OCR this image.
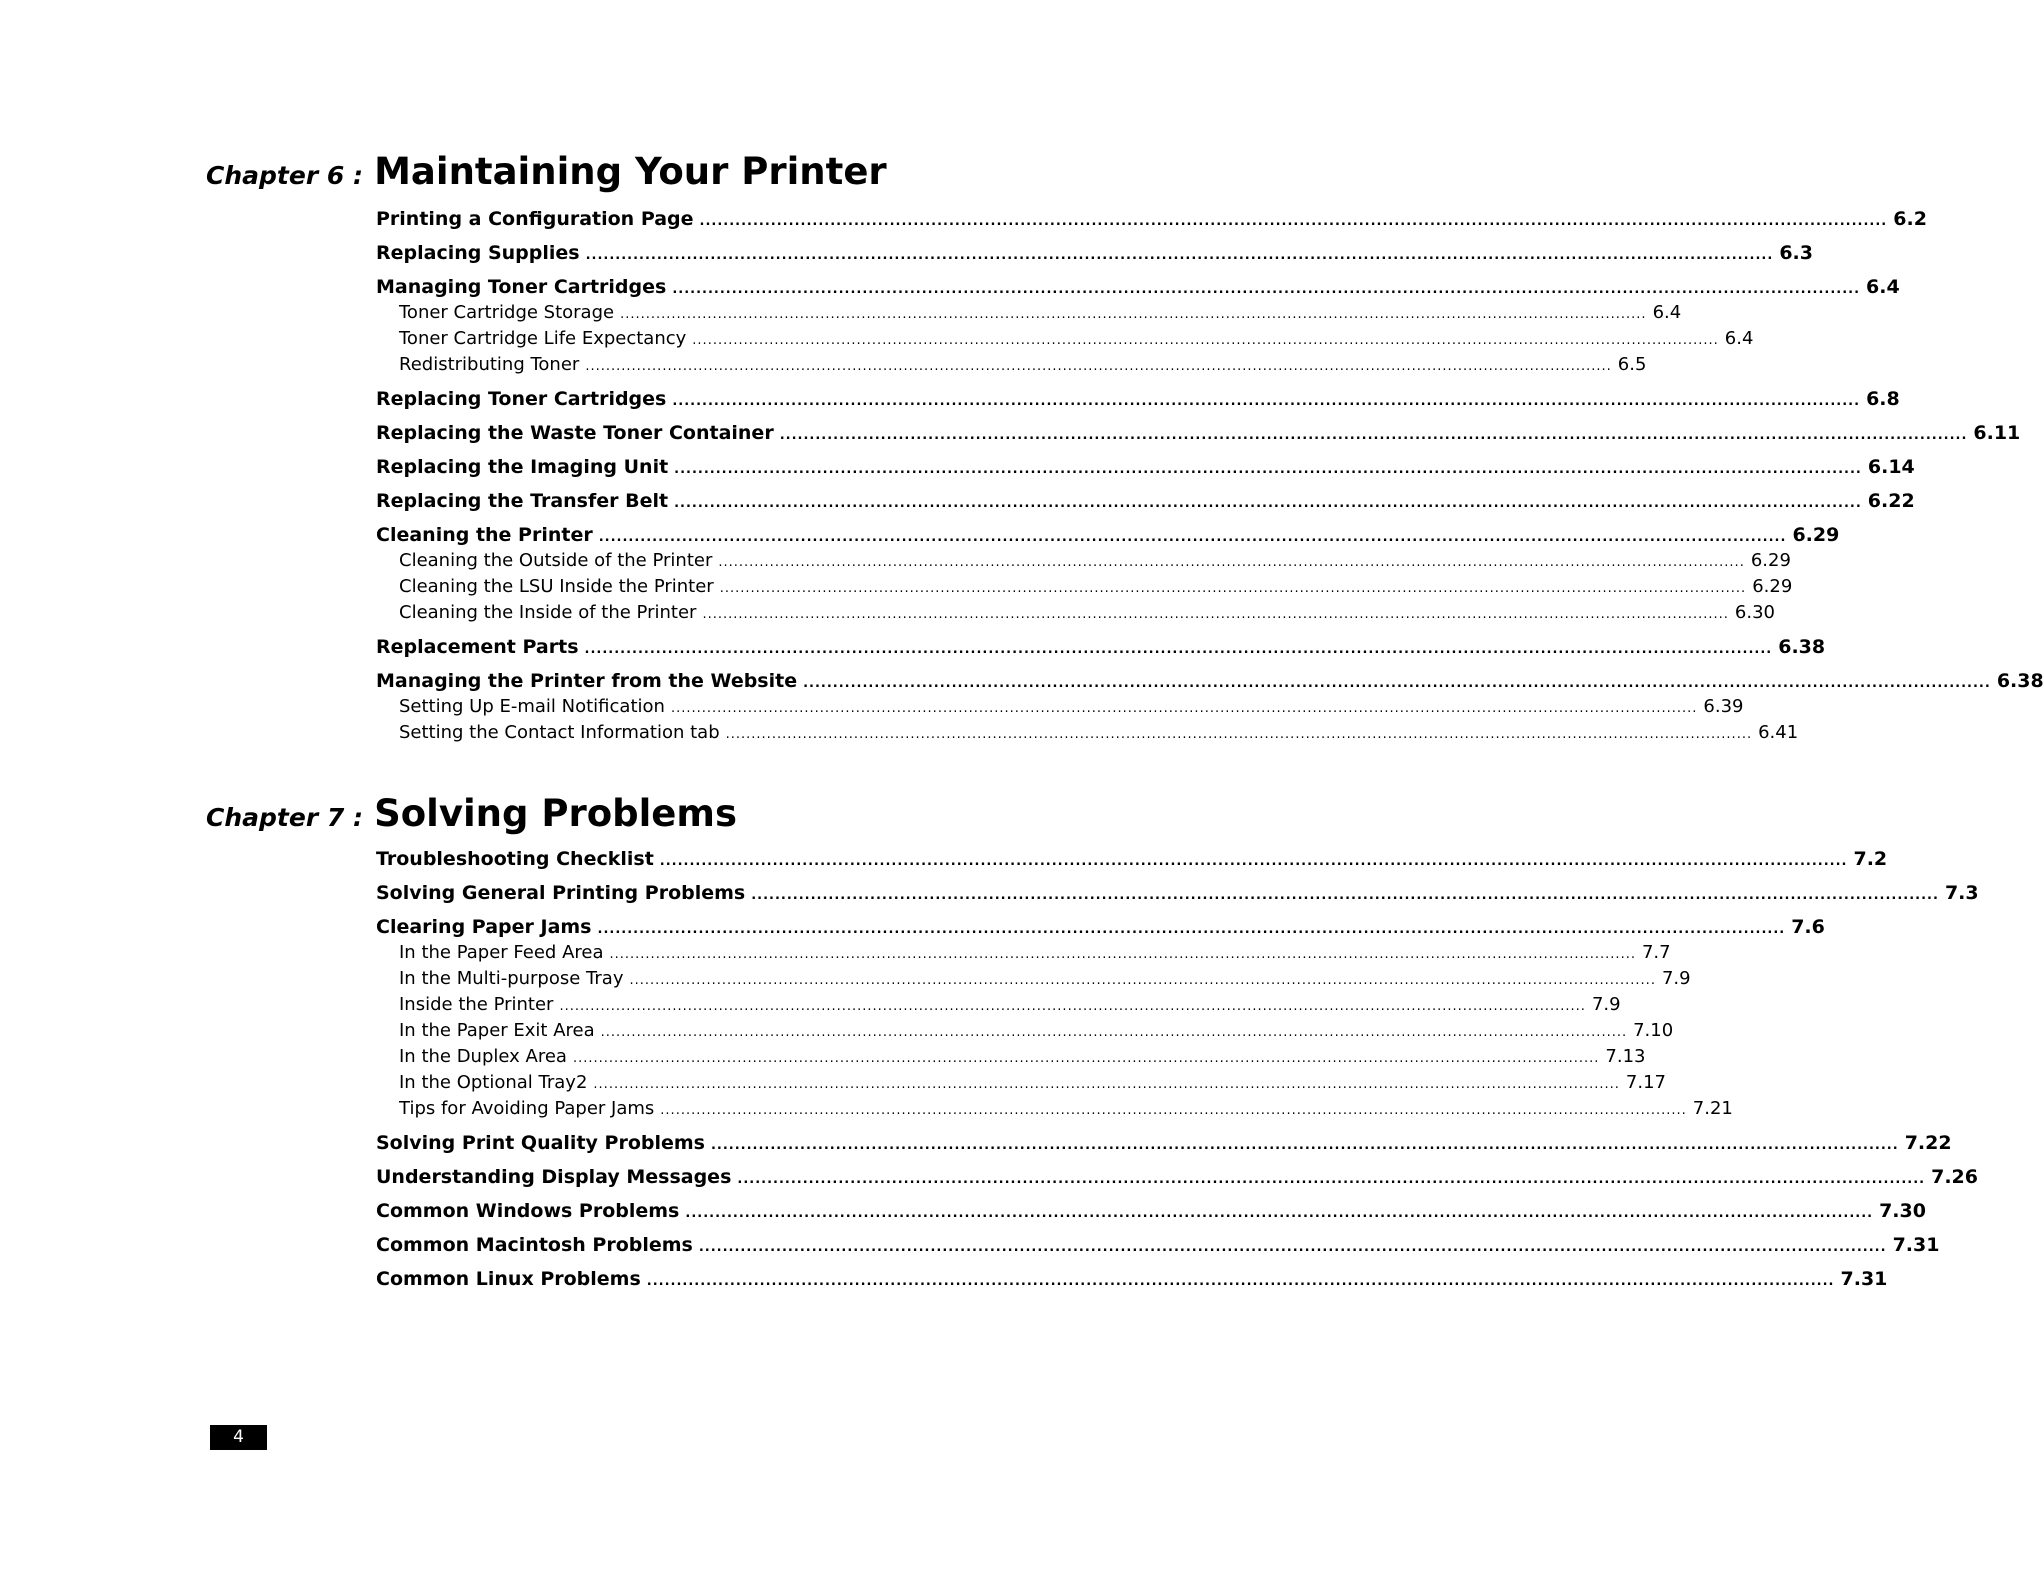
Chapter 6 : Maintaining Your Printer
Printing a Configuration Page ........................................................................................................................................................................................................ 6.2
Replacing Supplies ........................................................................................................................................................................................................ 6.3
Managing Toner Cartridges ........................................................................................................................................................................................................ 6.4
Toner Cartridge Storage ........................................................................................................................................................................................................ 6.4
Toner Cartridge Life Expectancy ........................................................................................................................................................................................................ 6.4
Redistributing Toner ........................................................................................................................................................................................................ 6.5
Replacing Toner Cartridges ........................................................................................................................................................................................................ 6.8
Replacing the Waste Toner Container ........................................................................................................................................................................................................ 6.11
Replacing the Imaging Unit ........................................................................................................................................................................................................ 6.14
Replacing the Transfer Belt ........................................................................................................................................................................................................ 6.22
Cleaning the Printer ........................................................................................................................................................................................................ 6.29
Cleaning the Outside of the Printer ........................................................................................................................................................................................................ 6.29
Cleaning the LSU Inside the Printer ........................................................................................................................................................................................................ 6.29
Cleaning the Inside of the Printer ........................................................................................................................................................................................................ 6.30
Replacement Parts ........................................................................................................................................................................................................ 6.38
Managing the Printer from the Website ........................................................................................................................................................................................................ 6.38
Setting Up E-mail Notification ........................................................................................................................................................................................................ 6.39
Setting the Contact Information tab ........................................................................................................................................................................................................ 6.41
Chapter 7 : Solving Problems
Troubleshooting Checklist ........................................................................................................................................................................................................ 7.2
Solving General Printing Problems ........................................................................................................................................................................................................ 7.3
Clearing Paper Jams ........................................................................................................................................................................................................ 7.6
In the Paper Feed Area ........................................................................................................................................................................................................ 7.7
In the Multi-purpose Tray ........................................................................................................................................................................................................ 7.9
Inside the Printer ........................................................................................................................................................................................................ 7.9
In the Paper Exit Area ........................................................................................................................................................................................................ 7.10
In the Duplex Area ........................................................................................................................................................................................................ 7.13
In the Optional Tray2 ........................................................................................................................................................................................................ 7.17
Tips for Avoiding Paper Jams ........................................................................................................................................................................................................ 7.21
Solving Print Quality Problems ........................................................................................................................................................................................................ 7.22
Understanding Display Messages ........................................................................................................................................................................................................ 7.26
Common Windows Problems ........................................................................................................................................................................................................ 7.30
Common Macintosh Problems ........................................................................................................................................................................................................ 7.31
Common Linux Problems ........................................................................................................................................................................................................ 7.31
4
